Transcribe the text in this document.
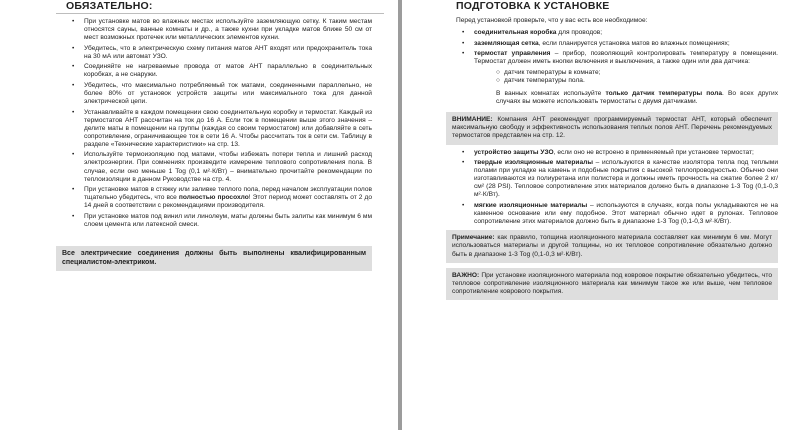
ОБЯЗАТЕЛЬНО:
• При установке матов во влажных местах используйте заземляющую сетку. К таким местам относятся сауны, ванные комнаты и др., а также кухни при укладке матов ближе 50 см от мест возможных протечек или металлических элементов кухни.
• Убедитесь, что в электрическую схему питания матов АНТ входят или предохранитель тока на 30 мА или автомат УЗО.
• Соединяйте не нагреваемые провода от матов АНТ параллельно в соединительных коробках, а не снаружи.
• Убедитесь, что максимально потребляемый ток матами, соединенными параллельно, не более 80% от установок устройств защиты или максимального тока для данной электрической цепи.
• Устанавливайте в каждом помещении свою соединительную коробку и термостат. Каждый из термостатов АНТ рассчитан на ток до 16 А. Если ток в помещении выше этого значения – делите маты в помещении на группы (каждая со своим термостатом) или добавляйте в сеть сопротивление, ограничивающее ток в сети 16 А. Чтобы рассчитать ток в сети см. Таблицу в разделе «Технические характеристики» на стр. 13.
• Используйте термоизоляцию под матами, чтобы избежать потери тепла и лишний расход электроэнергии. При сомнениях произведите измерение теплового сопротивления пола. В случае, если оно меньше 1 Tog (0,1 м²·К/Вт) – внимательно прочитайте рекомендации по теплоизоляции в данном Руководстве на стр. 4.
• При установке матов в стяжку или заливке теплого пола, перед началом эксплуатации полов тщательно убедитесь, что все полностью просохло! Этот период может составлять от 2 до 14 дней в соответствии с рекомендациями производителя.
• При установке матов под винил или линолеум, маты должны быть залиты как минимум 6 мм слоем цемента или латексной смеси.
Все электрические соединения должны быть выполнены квалифицированным специалистом-электриком.
ПОДГОТОВКА К УСТАНОВКЕ

Перед установкой проверьте, что у вас есть все необходимое:

• соединительная коробка для проводов;
• заземляющая сетка, если планируется установка матов во влажных помещениях;
• термостат управления – прибор, позволяющий контролировать температуру в помещении. Термостат должен иметь кнопки включения и выключения, а также один или два датчика:
○ датчик температуры в комнате;
○ датчик температуры пола.

В ванных комнатах используйте только датчик температуры пола. Во всех других случаях вы можете использовать термостаты с двумя датчиками.

ВНИМАНИЕ: Компания АНТ рекомендует программируемый термостат АНТ, который обеспечит максимальную свободу и эффективность использования теплых полов АНТ. Перечень рекомендуемых термостатов представлен на стр. 12.
• устройство защиты УЗО, если оно не встроено в применяемый при установке термостат;
• твердые изоляционные материалы – используются в качестве изолятора тепла под теплыми полами при укладке на камень и подобные покрытия с высокой теплопроводностью. Обычно они изготавливаются из полиуретана или полистера и должны иметь прочность на сжатие более 2 кг/см² (28 PSI). Тепловое сопротивление этих материалов должно быть в диапазоне 1-3 Tog (0,1-0,3 м²·К/Вт).
• мягкие изоляционные материалы – используются в случаях, когда полы укладываются не на каменное основание или ему подобное. Этот материал обычно идет в рулонах. Тепловое сопротивление этих материалов должно быть в диапазоне 1-3 Tog (0,1-0,3 м²·К/Вт).
Примечание: как правило, толщина изоляционного материала составляет как минимум 6 мм. Могут использоваться материалы и другой толщины, но их тепловое сопротивление обязательно должно быть в диапазоне 1-3 Tog (0,1-0,3 м²·К/Вт).
ВАЖНО: При установке изоляционного материала под ковровое покрытие обязательно убедитесь, что тепловое сопротивление изоляционного материала как минимум такое же или выше, чем тепловое сопротивление коврового покрытия.
